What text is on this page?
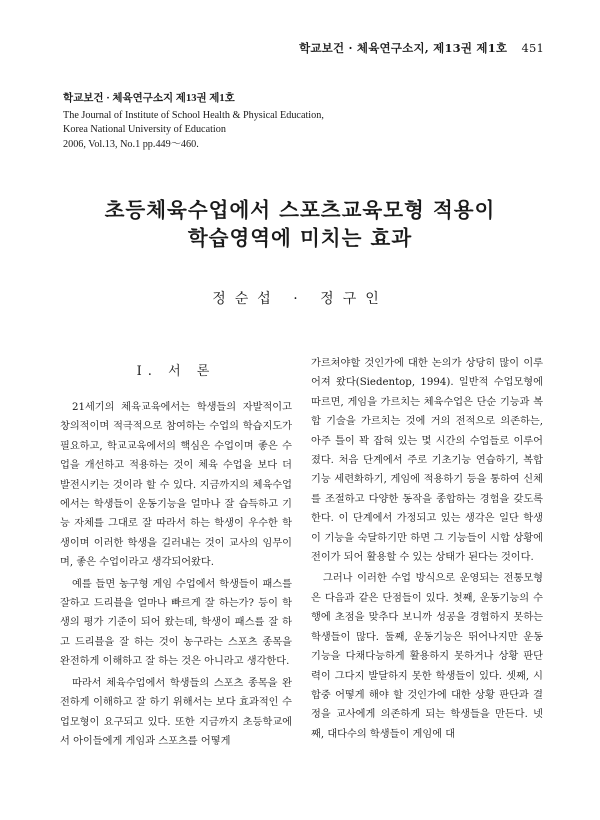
학교보건 · 체육연구소지, 제13권 제1호 451
학교보건 · 체육연구소지 제13권 제1호
The Journal of Institute of School Health & Physical Education,
Korea National University of Education
2006, Vol.13, No.1 pp.449～460.
초등체육수업에서 스포츠교육모형 적용이
학습영역에 미치는 효과
정순섭 · 정구인
Ⅰ. 서 론

21세기의 체육교육에서는 학생들의 자발적이고 창의적이며 적극적으로 참여하는 수업의 학습지도가 필요하고, 학교교육에서의 핵심은 수업이며 좋은 수업을 개선하고 적용하는 것이 체육 수업을 보다 더 발전시키는 것이라 할 수 있다. 지금까지의 체육수업에서는 학생들이 운동기능을 얼마나 잘 습득하고 기능 자체를 그대로 잘 따라서 하는 학생이 우수한 학생이며 이러한 학생을 길러내는 것이 교사의 임무이며, 좋은 수업이라고 생각되어왔다.

예를 들면 농구형 게임 수업에서 학생들이 패스를 잘하고 드리블을 얼마나 빠르게 잘 하는가? 등이 학생의 평가 기준이 되어 왔는데, 학생이 패스를 잘 하고 드리블을 잘 하는 것이 농구라는 스포츠 종목을 완전하게 이해하고 잘 하는 것은 아니라고 생각한다.

따라서 체육수업에서 학생들의 스포츠 종목을 완전하게 이해하고 잘 하기 위해서는 보다 효과적인 수업모형이 요구되고 있다. 또한 지금까지 초등학교에서 아이들에게 게임과 스포츠를 어떻게

가르쳐야할 것인가에 대한 논의가 상당히 많이 이루어져 왔다(Siedentop, 1994). 일반적 수업모형에 따르면, 게임을 가르치는 체육수업은 단순 기능과 복합 기술을 가르치는 것에 거의 전적으로 의존하는, 아주 틀이 꽉 잡혀 있는 몇 시간의 수업들로 이루어 졌다. 처음 단계에서 주로 기초기능 연습하기, 복합기능 세련화하기, 게임에 적용하기 등을 통하여 신체를 조절하고 다양한 동작을 종합하는 경험을 갖도록 한다. 이 단계에서 가정되고 있는 생각은 일단 학생이 기능을 숙달하기만 하면 그 기능들이 시합 상황에 전이가 되어 활용할 수 있는 상태가 된다는 것이다.

그러나 이러한 수업 방식으로 운영되는 전통모형은 다음과 같은 단점들이 있다. 첫째, 운동기능의 수행에 초점을 맞추다 보니까 성공을 경험하지 못하는 학생들이 많다. 둘째, 운동기능은 뛰어나지만 운동 기능을 다채다능하게 활용하지 못하거나 상황 판단력이 그다지 발달하지 못한 학생들이 있다. 셋째, 시합중 어떻게 해야 할 것인가에 대한 상황 판단과 결정을 교사에게 의존하게 되는 학생들을 만든다. 넷째, 대다수의 학생들이 게임에 대
